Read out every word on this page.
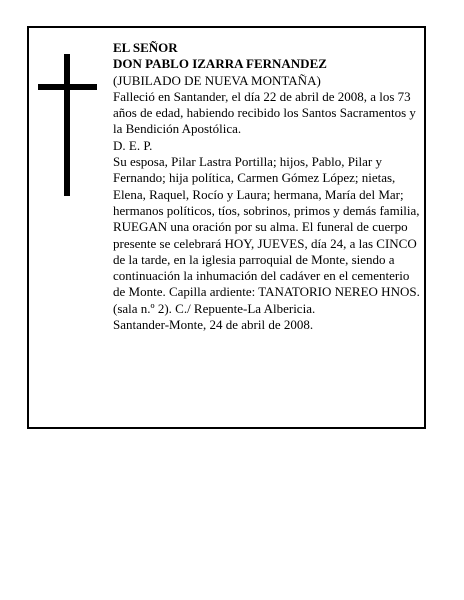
EL SEÑOR

DON PABLO IZARRA FERNANDEZ

(JUBILADO DE NUEVA MONTAÑA)

Falleció en Santander, el día 22 de abril de 2008, a los 73 años de edad, habiendo recibido los Santos Sacramentos y la Bendición Apostólica.

D. E. P.

Su esposa, Pilar Lastra Portilla; hijos, Pablo, Pilar y Fernando; hija política, Carmen Gómez López; nietas, Elena, Raquel, Rocío y Laura; hermana, María del Mar; hermanos políticos, tíos, sobrinos, primos y demás familia,

RUEGAN una oración por su alma. El funeral de cuerpo presente se celebrará HOY, JUEVES, día 24, a las CINCO de la tarde, en la iglesia parroquial de Monte, siendo a continuación la inhumación del cadáver en el cementerio de Monte. Capilla ardiente: TANATORIO NEREO HNOS. (sala n.º 2). C./ Repuente-La Albericia.

Santander-Monte, 24 de abril de 2008.
